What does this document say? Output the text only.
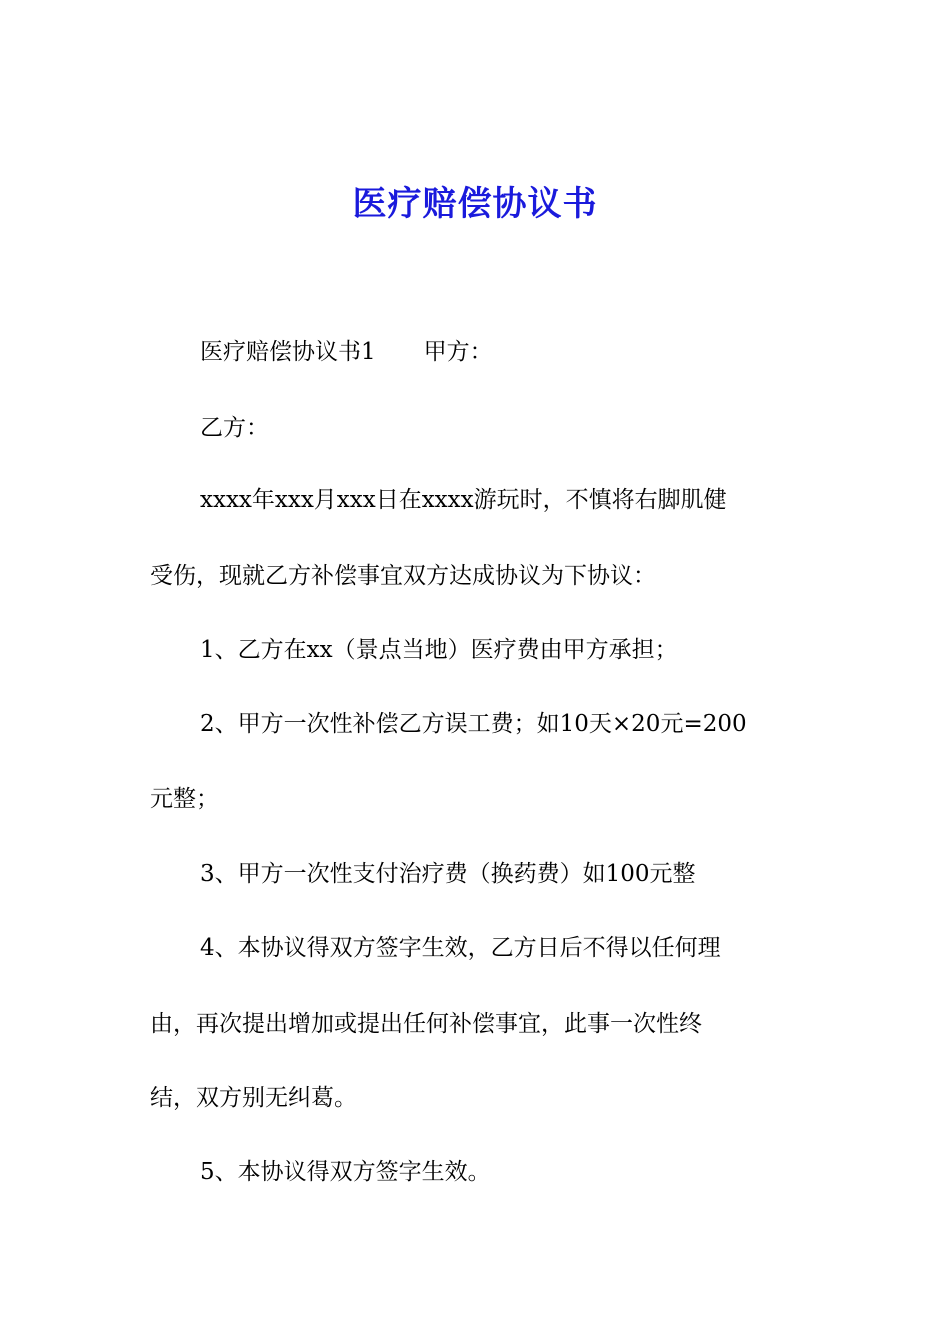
医疗赔偿协议书
医疗赔偿协议书1 甲方：
乙方：
xxxx年xxx月xxx日在xxxx游玩时，不慎将右脚肌健
受伤，现就乙方补偿事宜双方达成协议为下协议：
1、乙方在xx（景点当地）医疗费由甲方承担；
2、甲方一次性补偿乙方误工费；如10天×20元=200
元整；
3、甲方一次性支付治疗费（换药费）如100元整
4、本协议得双方签字生效，乙方日后不得以任何理
由，再次提出增加或提出任何补偿事宜，此事一次性终
结，双方别无纠葛。
5、本协议得双方签字生效。
